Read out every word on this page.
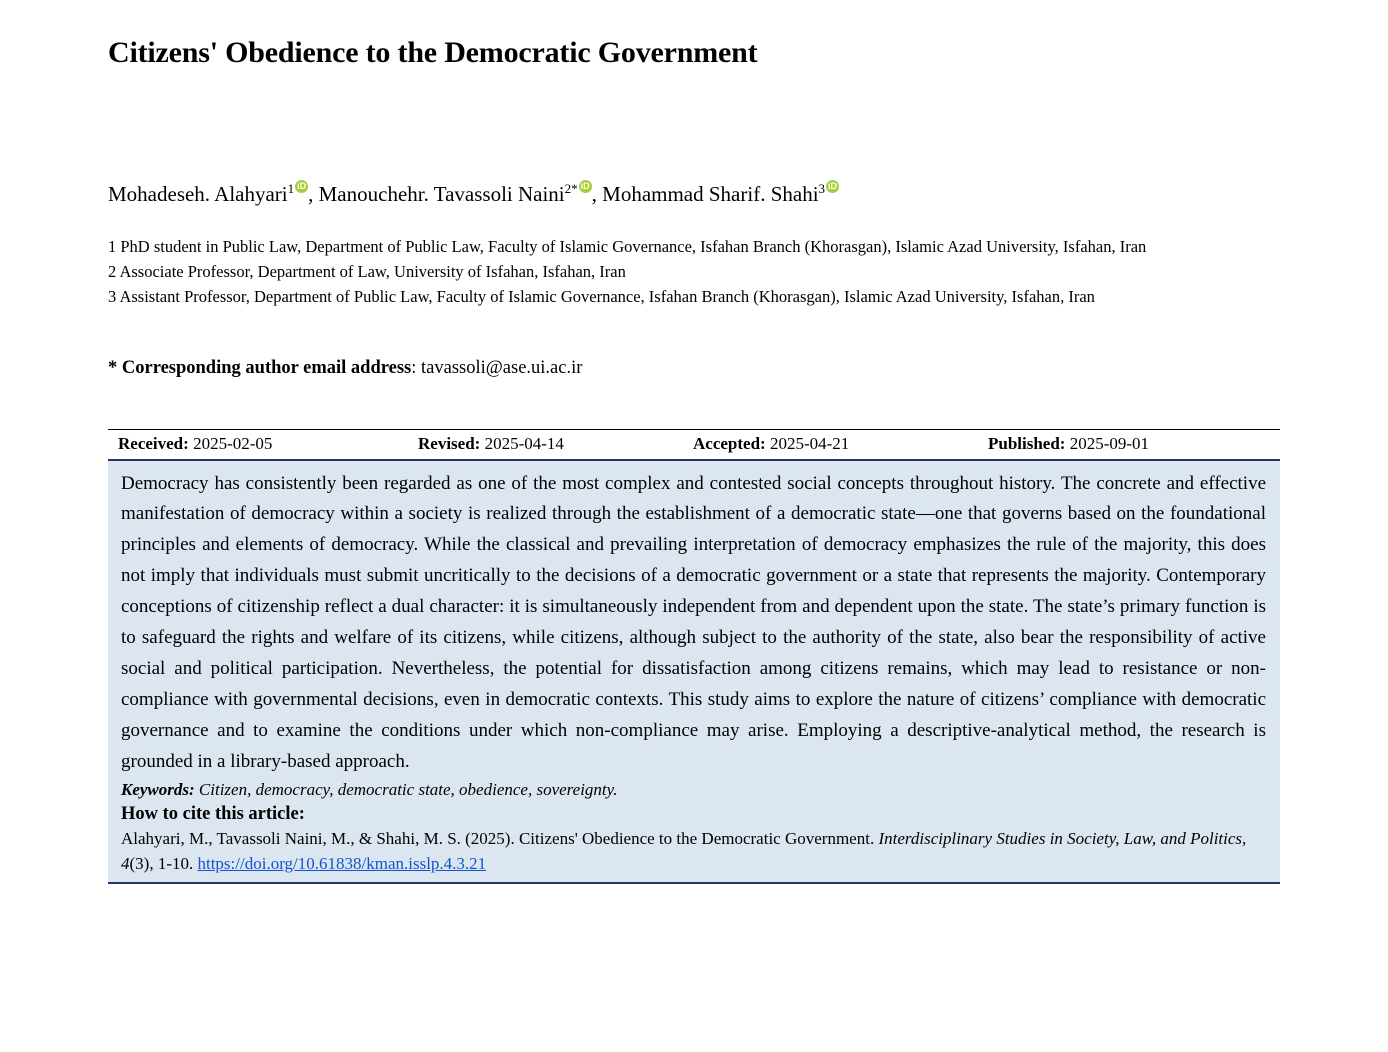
Citizens' Obedience to the Democratic Government
Mohadeseh. Alahyari$^1$ iD , Manouchehr. Tavassoli Naini$^{2*}$ iD , Mohammad Sharif. Shahi$^3$iD

1 PhD student in Public Law, Department of Public Law, Faculty of Islamic Governance, Isfahan Branch (Khorasgan), Islamic Azad University, Isfahan, Iran

2 Associate Professor, Department of Law, University of Isfahan, Isfahan, Iran

3 Assistant Professor, Department of Public Law, Faculty of Islamic Governance, Isfahan Branch (Khorasgan), Islamic Azad University, Isfahan, Iran

* Corresponding author email address: tavassoli@ase.ui.ac.ir
Received: 2025-02-05	Revised: 2025-04-14	Accepted: 2025-04-21	Published: 2025-09-01

Democracy has consistently been regarded as one of the most complex and contested social concepts throughout history. The concrete and effective manifestation of democracy within a society is realized through the establishment of a democratic state—one that governs based on the foundational principles and elements of democracy. While the classical and prevailing interpretation of democracy emphasizes the rule of the majority, this does not imply that individuals must submit uncritically to the decisions of a democratic government or a state that represents the majority. Contemporary conceptions of citizenship reflect a dual character: it is simultaneously independent from and dependent upon the state. The state’s primary function is to safeguard the rights and welfare of its citizens, while citizens, although subject to the authority of the state, also bear the responsibility of active social and political participation. Nevertheless, the potential for dissatisfaction among citizens remains, which may lead to resistance or non-compliance with governmental decisions, even in democratic contexts. This study aims to explore the nature of citizens’ compliance with democratic governance and to examine the conditions under which non-compliance may arise. Employing a descriptive-analytical method, the research is grounded in a library-based approach.

Keywords: Citizen, democracy, democratic state, obedience, sovereignty.
How to cite this article:
Alahyari, M., Tavassoli Naini, M., & Shahi, M. S. (2025). Citizens' Obedience to the Democratic Government. Interdisciplinary Studies in Society, Law, and Politics, 4(3), 1-10. https://doi.org/10.61838/kman.isslp.4.3.21
